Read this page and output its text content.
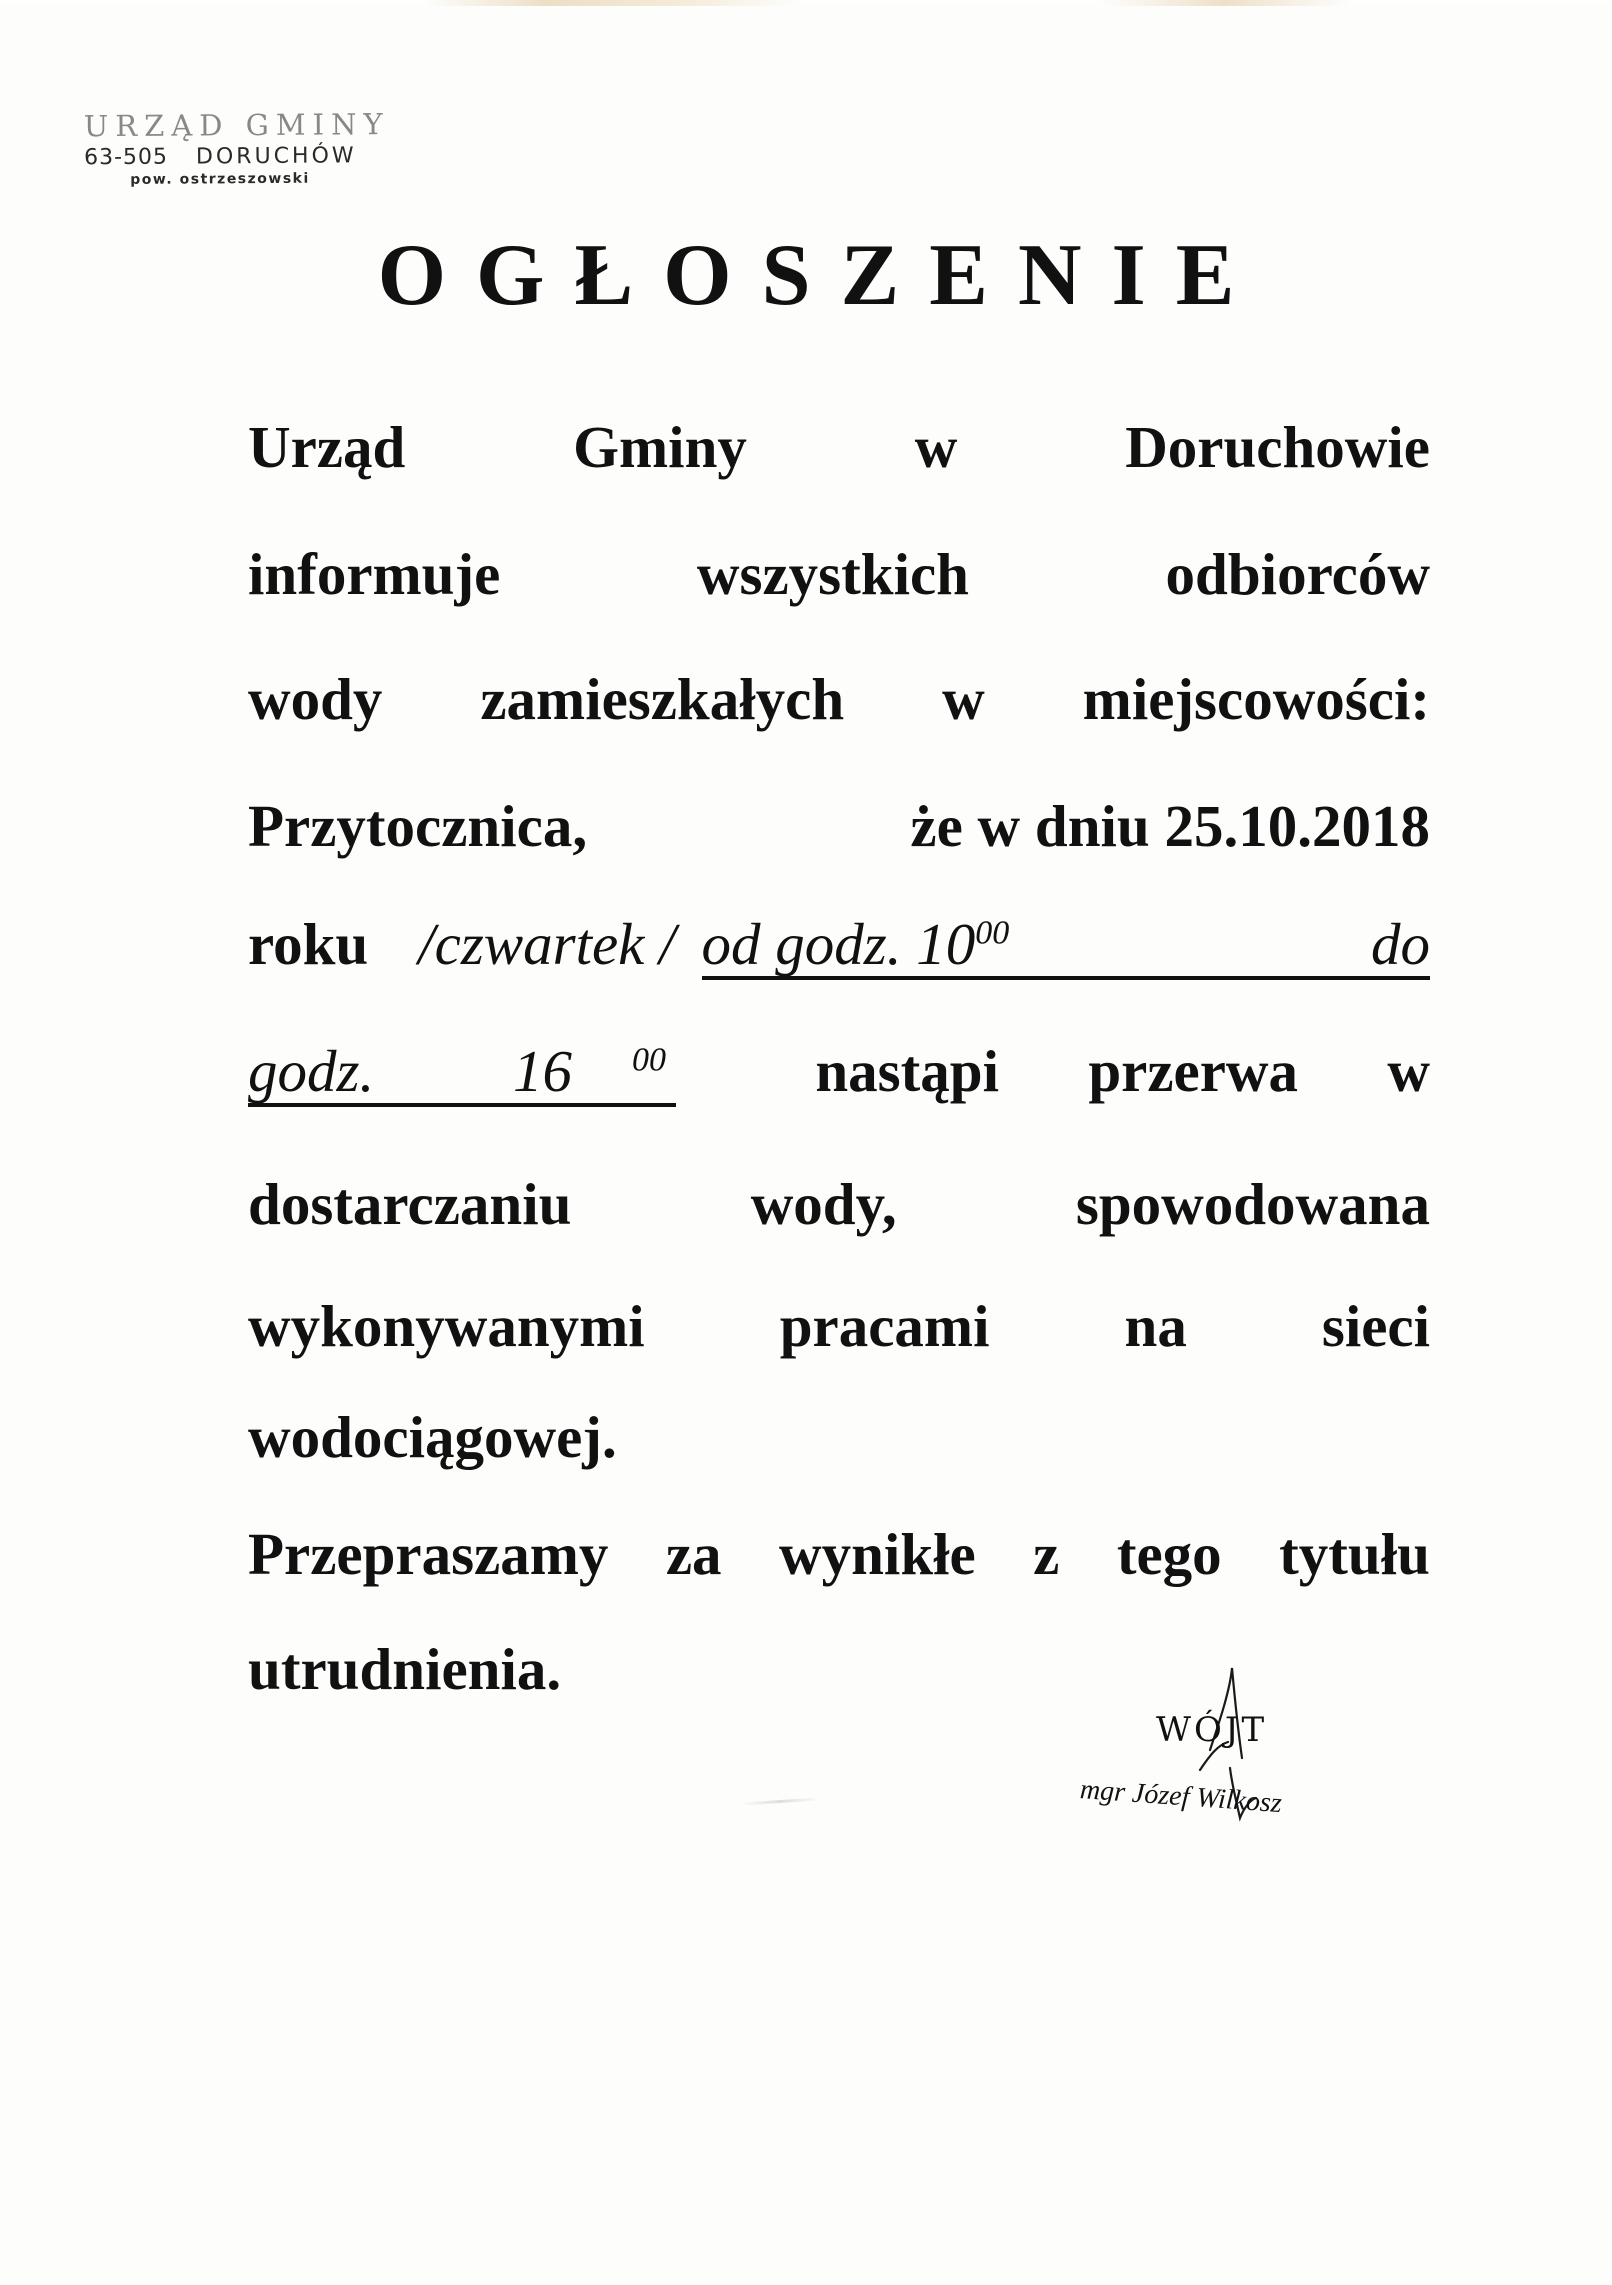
URZĄD GMINY
63-505 DORUCHÓW
pow. ostrzeszowski
OGŁOSZENIE
Urząd	Gminy	w	Doruchowie
informuje	wszystkich	odbiorców
wody zamieszkałych w miejscowości:
Przytocznica,	że w dniu 25.10.2018
roku /czwartek / od godz. $10^{00}$	do
godz. 16 $^{00}$	nastąpi przerwa w
dostarczaniu	wody,	spowodowana
wykonywanymi pracami na sieci
wodociągowej.
Przepraszamy za wynikłe z tego tytułu
utrudnienia.
WÓJT
mgr Józef Wilkosz
